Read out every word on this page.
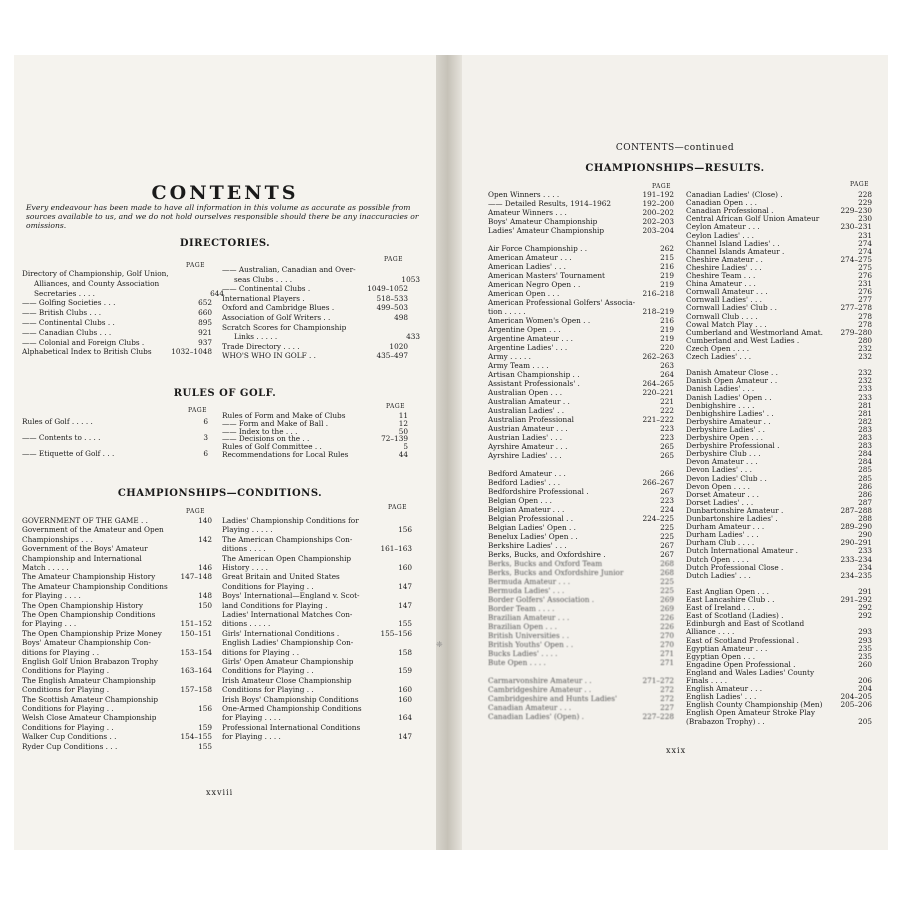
CONTENTS
Every endeavour has been made to have all information in this volume as accurate as possible from sources available to us, and we do not hold ourselves responsible should there be any inaccuracies or omissions.
DIRECTORIES.
PAGE
PAGE
Directory of Championship, Golf Union,
Alliances, and County Association
Secretaries . . . .	644
—— Golfing Societies . . .	652
—— British Clubs . . .	660
—— Continental Clubs . .	895
—— Canadian Clubs . . .	921
—— Colonial and Foreign Clubs .	937
Alphabetical Index to British Clubs	1032–1048
—— Australian, Canadian and Over-
seas Clubs . . . .	1053
—— Continental Clubs .	1049–1052
International Players .	518–533
Oxford and Cambridge Blues .	499–503
Association of Golf Writers . .	498
Scratch Scores for Championship
Links . . . . .	433
Trade Directory . . . .	1020
WHO'S WHO IN GOLF . .	435–497
RULES OF GOLF.
PAGE
PAGE
Rules of Golf . . . . .	6
—— Contents to . . . .	3
—— Etiquette of Golf . . .	6
Rules of Form and Make of Clubs	11
—— Form and Make of Ball .	12
—— Index to the . . .	50
—— Decisions on the . .	72–139
Rules of Golf Committee . .	5
Recommendations for Local Rules	44
CHAMPIONSHIPS—CONDITIONS.
PAGE
PAGE
GOVERNMENT OF THE GAME . .	140
Government of the Amateur and Open
Championships . . .	142
Government of the Boys' Amateur
Championship and International
Match . . . . .	146
The Amateur Championship History	147–148
The Amateur Championship Conditions
for Playing . . . .	148
The Open Championship History	150
The Open Championship Conditions
for Playing . . .	151–152
The Open Championship Prize Money	150–151
Boys' Amateur Championship Con-
ditions for Playing . .	153–154
English Golf Union Brabazon Trophy
Conditions for Playing .	163–164
The English Amateur Championship
Conditions for Playing .	157–158
The Scottish Amateur Championship
Conditions for Playing . .	156
Welsh Close Amateur Championship
Conditions for Playing . .	159
Walker Cup Conditions . .	154–155
Ryder Cup Conditions . . .	155
Ladies' Championship Conditions for
Playing . . . . .	156
The American Championships Con-
ditions . . . .	161–163
The American Open Championship
History . . . .	160
Great Britain and United States
Conditions for Playing . .	147
Boys' International—England v. Scot-
land Conditions for Playing .	147
Ladies' International Matches Con-
ditions . . . . .	155
Girls' International Conditions .	155–156
English Ladies' Championship Con-
ditions for Playing . .	158
Girls' Open Amateur Championship
Conditions for Playing . .	159
Irish Amateur Close Championship
Conditions for Playing . .	160
Irish Boys' Championship Conditions	160
One-Armed Championship Conditions
for Playing . . . .	164
Professional International Conditions
for Playing . . . .	147
xxviii
❈
CONTENTS—continued
CHAMPIONSHIPS—RESULTS.
PAGE	PAGE
Open Winners . . . .	191–192
—— Detailed Results, 1914–1962	192–200
Amateur Winners . . .	200–202
Boys' Amateur Championship	202–203
Ladies' Amateur Championship	203–204
Air Force Championship . .	262
American Amateur . . .	215
American Ladies' . . .	216
American Masters' Tournament	219
American Negro Open . .	219
American Open . . .	216–218
American Professional Golfers' Associa-
tion . . . . .	218–219
American Women's Open . .	216
Argentine Open . . .	219
Argentine Amateur . . .	219
Argentine Ladies' . . .	220
Army . . . . .	262–263
Army Team . . . .	263
Artisan Championship . .	264
Assistant Professionals' .	264–265
Australian Open . . .	220–221
Australian Amateur . .	221
Australian Ladies' . .	222
Australian Professional	221–222
Austrian Amateur . . .	223
Austrian Ladies' . . .	223
Ayrshire Amateur . . .	265
Ayrshire Ladies' . . .	265
Bedford Amateur . . .	266
Bedford Ladies' . . .	266–267
Bedfordshire Professional .	267
Belgian Open . . .	223
Belgian Amateur . . .	224
Belgian Professional . .	224–225
Belgian Ladies' Open . .	225
Benelux Ladies' Open . .	225
Berkshire Ladies' . . .	267
Berks, Bucks, and Oxfordshire .	267
Berks, Bucks and Oxford Team	268
Berks, Bucks and Oxfordshire Junior	268
Bermuda Amateur . . .	225
Bermuda Ladies' . . .	225
Border Golfers' Association .	269
Border Team . . . .	269
Brazilian Amateur . . .	226
Brazilian Open . . .	226
British Universities . .	270
British Youths' Open . .	270
Bucks Ladies' . . . .	271
Bute Open . . . .	271
Carmarvonshire Amateur . .	271–272
Cambridgeshire Amateur . .	272
Cambridgeshire and Hunts Ladies'	272
Canadian Amateur . . .	227
Canadian Ladies' (Open) .	227–228
Canadian Ladies' (Close) .	228
Canadian Open . . .	229
Canadian Professional .	229–230
Central African Golf Union Amateur	230
Ceylon Amateur . . .	230–231
Ceylon Ladies' . . .	231
Channel Island Ladies' . .	274
Channel Islands Amateur .	274
Cheshire Amateur . .	274–275
Cheshire Ladies' . . .	275
Cheshire Team . . .	276
China Amateur . . .	231
Cornwall Amateur . . .	276
Cornwall Ladies' . . .	277
Cornwall Ladies' Club . .	277–278
Cornwall Club . . . .	278
Cowal Match Play . . .	278
Cumberland and Westmorland Amat. 279–280
Cumberland and West Ladies .	280
Czech Open . . . .	232
Czech Ladies' . . .	232
Danish Amateur Close . .	232
Danish Open Amateur . .	232
Danish Ladies' . . .	233
Danish Ladies' Open . .	233
Denbighshire . . . .	281
Denbighshire Ladies' . .	281
Derbyshire Amateur . .	282
Derbyshire Ladies' . .	283
Derbyshire Open . . .	283
Derbyshire Professional .	283
Derbyshire Club . . .	284
Devon Amateur . . .	284
Devon Ladies' . . .	285
Devon Ladies' Club . .	285
Devon Open . . . .	286
Dorset Amateur . . .	286
Dorset Ladies' . . .	287
Dunbartonshire Amateur .	287–288
Dunbartonshire Ladies' .	288
Durham Amateur . . .	289–290
Durham Ladies' . . .	290
Durham Club . . . .	290–291
Dutch International Amateur .	233
Dutch Open . . . .	233–234
Dutch Professional Close .	234
Dutch Ladies' . . .	234–235
East Anglian Open . . .	291
East Lancashire Club . .	291–292
East of Ireland . . .	292
East of Scotland (Ladies) .	292
Edinburgh and East of Scotland
Alliance . . . .	293
East of Scotland Professional .	293
Egyptian Amateur . . .	235
Egyptian Open . . .	235
Engadine Open Professional .	260
England and Wales Ladies' County
Finals . . . .	206
English Amateur . . .	204
English Ladies' . . .	204–205
English County Championship (Men) 205–206
English Open Amateur Stroke Play
(Brabazon Trophy) . .	205
xxix
